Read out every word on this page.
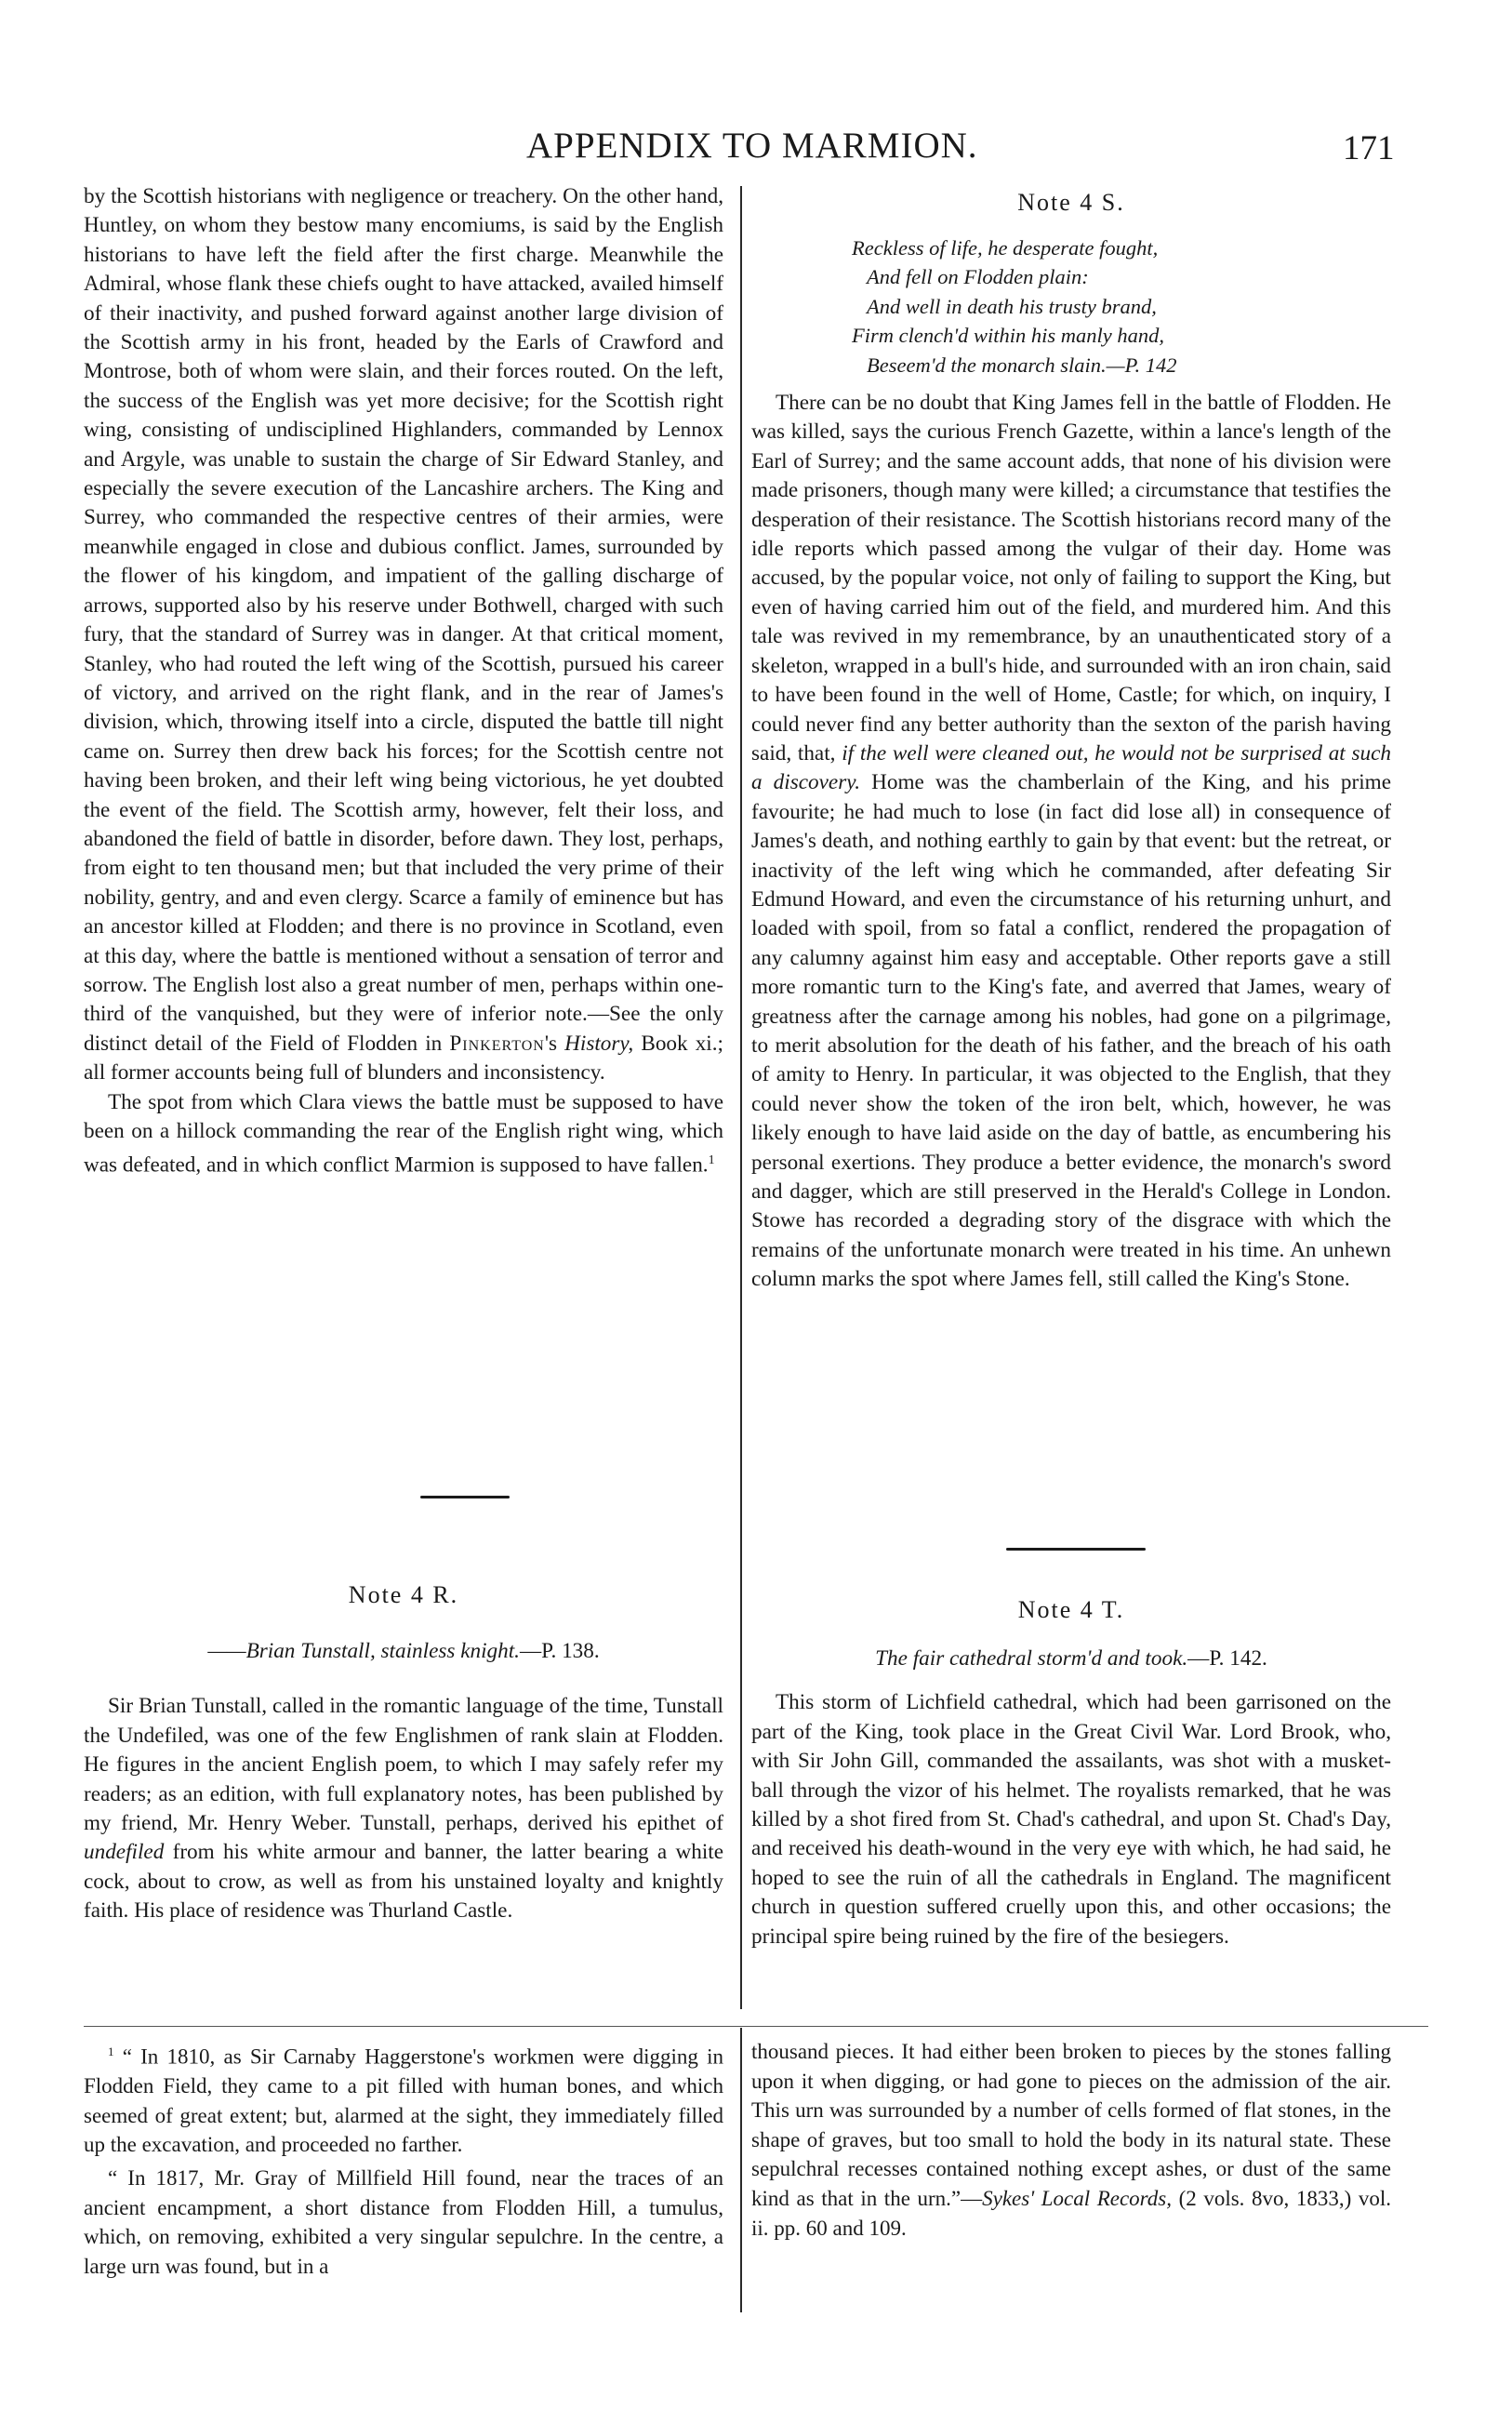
APPENDIX TO MARMION.	171

by the Scottish historians with negligence or treachery. On the other hand, Huntley, on whom they bestow many encomiums, is said by the English historians to have left the field after the first charge. Meanwhile the Admiral, whose flank these chiefs ought to have attacked, availed himself of their inactivity, and pushed forward against another large division of the Scottish army in his front, headed by the Earls of Crawford and Montrose, both of whom were slain, and their forces routed. On the left, the success of the English was yet more decisive; for the Scottish right wing, consisting of undisciplined Highlanders, commanded by Lennox and Argyle, was unable to sustain the charge of Sir Edward Stanley, and especially the severe execution of the Lancashire archers. The King and Surrey, who commanded the respective centres of their armies, were meanwhile engaged in close and dubious conflict. James, surrounded by the flower of his kingdom, and impatient of the galling discharge of arrows, supported also by his reserve under Bothwell, charged with such fury, that the standard of Surrey was in danger. At that critical moment, Stanley, who had routed the left wing of the Scottish, pursued his career of victory, and arrived on the right flank, and in the rear of James's division, which, throwing itself into a circle, disputed the battle till night came on. Surrey then drew back his forces; for the Scottish centre not having been broken, and their left wing being victorious, he yet doubted the event of the field. The Scottish army, however, felt their loss, and abandoned the field of battle in disorder, before dawn. They lost, perhaps, from eight to ten thousand men; but that included the very prime of their nobility, gentry, and and even clergy. Scarce a family of eminence but has an ancestor killed at Flodden; and there is no province in Scotland, even at this day, where the battle is mentioned without a sensation of terror and sorrow. The English lost also a great number of men, perhaps within one-third of the vanquished, but they were of inferior note.—See the only distinct detail of the Field of Flodden in Pinkerton's History, Book xi.; all former accounts being full of blunders and inconsistency.

The spot from which Clara views the battle must be supposed to have been on a hillock commanding the rear of the English right wing, which was defeated, and in which conflict Marmion is supposed to have fallen.$^1$

Note 4 R.

——Brian Tunstall, stainless knight.—P. 138.

Sir Brian Tunstall, called in the romantic language of the time, Tunstall the Undefiled, was one of the few Englishmen of rank slain at Flodden. He figures in the ancient English poem, to which I may safely refer my readers; as an edition, with full explanatory notes, has been published by my friend, Mr. Henry Weber. Tunstall, perhaps, derived his epithet of undefiled from his white armour and banner, the latter bearing a white cock, about to crow, as well as from his unstained loyalty and knightly faith. His place of residence was Thurland Castle.

Note 4 S.
Reckless of life, he desperate fought,
And fell on Flodden plain:
And well in death his trusty brand,
Firm clench'd within his manly hand,
Beseem'd the monarch slain.—P. 142

There can be no doubt that King James fell in the battle of Flodden. He was killed, says the curious French Gazette, within a lance's length of the Earl of Surrey; and the same account adds, that none of his division were made prisoners, though many were killed; a circumstance that testifies the desperation of their resistance. The Scottish historians record many of the idle reports which passed among the vulgar of their day. Home was accused, by the popular voice, not only of failing to support the King, but even of having carried him out of the field, and murdered him. And this tale was revived in my remembrance, by an unauthenticated story of a skeleton, wrapped in a bull's hide, and surrounded with an iron chain, said to have been found in the well of Home, Castle; for which, on inquiry, I could never find any better authority than the sexton of the parish having said, that, if the well were cleaned out, he would not be surprised at such a discovery. Home was the chamberlain of the King, and his prime favourite; he had much to lose (in fact did lose all) in consequence of James's death, and nothing earthly to gain by that event: but the retreat, or inactivity of the left wing which he commanded, after defeating Sir Edmund Howard, and even the circumstance of his returning unhurt, and loaded with spoil, from so fatal a conflict, rendered the propagation of any calumny against him easy and acceptable. Other reports gave a still more romantic turn to the King's fate, and averred that James, weary of greatness after the carnage among his nobles, had gone on a pilgrimage, to merit absolution for the death of his father, and the breach of his oath of amity to Henry. In particular, it was objected to the English, that they could never show the token of the iron belt, which, however, he was likely enough to have laid aside on the day of battle, as encumbering his personal exertions. They produce a better evidence, the monarch's sword and dagger, which are still preserved in the Herald's College in London. Stowe has recorded a degrading story of the disgrace with which the remains of the unfortunate monarch were treated in his time. An unhewn column marks the spot where James fell, still called the King's Stone.

Note 4 T.

The fair cathedral storm'd and took.—P. 142.

This storm of Lichfield cathedral, which had been garrisoned on the part of the King, took place in the Great Civil War. Lord Brook, who, with Sir John Gill, commanded the assailants, was shot with a musket-ball through the vizor of his helmet. The royalists remarked, that he was killed by a shot fired from St. Chad's cathedral, and upon St. Chad's Day, and received his death-wound in the very eye with which, he had said, he hoped to see the ruin of all the cathedrals in England. The magnificent church in question suffered cruelly upon this, and other occasions; the principal spire being ruined by the fire of the besiegers.

$^1$ “ In 1810, as Sir Carnaby Haggerstone's workmen were digging in Flodden Field, they came to a pit filled with human bones, and which seemed of great extent; but, alarmed at the sight, they immediately filled up the excavation, and proceeded no farther.

“ In 1817, Mr. Gray of Millfield Hill found, near the traces of an ancient encampment, a short distance from Flodden Hill, a tumulus, which, on removing, exhibited a very singular sepulchre. In the centre, a large urn was found, but in a

thousand pieces. It had either been broken to pieces by the stones falling upon it when digging, or had gone to pieces on the admission of the air. This urn was surrounded by a number of cells formed of flat stones, in the shape of graves, but too small to hold the body in its natural state. These sepulchral recesses contained nothing except ashes, or dust of the same kind as that in the urn.”—Sykes' Local Records, (2 vols. 8vo, 1833,) vol. ii. pp. 60 and 109.
